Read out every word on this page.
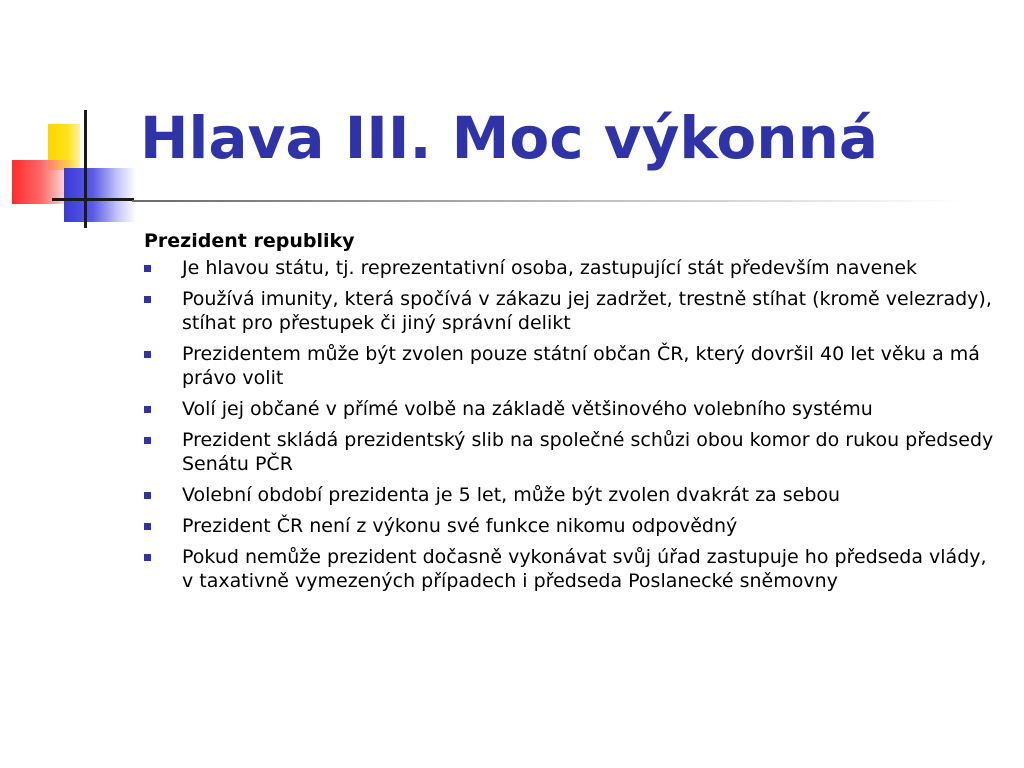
Hlava III. Moc výkonná
Prezident republiky
Je hlavou státu, tj. reprezentativní osoba, zastupující stát především navenek
Používá imunity, která spočívá v zákazu jej zadržet, trestně stíhat (kromě velezrady), stíhat pro přestupek či jiný správní delikt
Prezidentem může být zvolen pouze státní občan ČR, který dovršil 40 let věku a má právo volit
Volí jej občané v přímé volbě na základě většinového volebního systému
Prezident skládá prezidentský slib na společné schůzi obou komor do rukou předsedy Senátu PČR
Volební období prezidenta je 5 let, může být zvolen dvakrát za sebou
Prezident ČR není z výkonu své funkce nikomu odpovědný
Pokud nemůže prezident dočasně vykonávat svůj úřad zastupuje ho předseda vlády, v taxativně vymezených případech i předseda Poslanecké sněmovny
